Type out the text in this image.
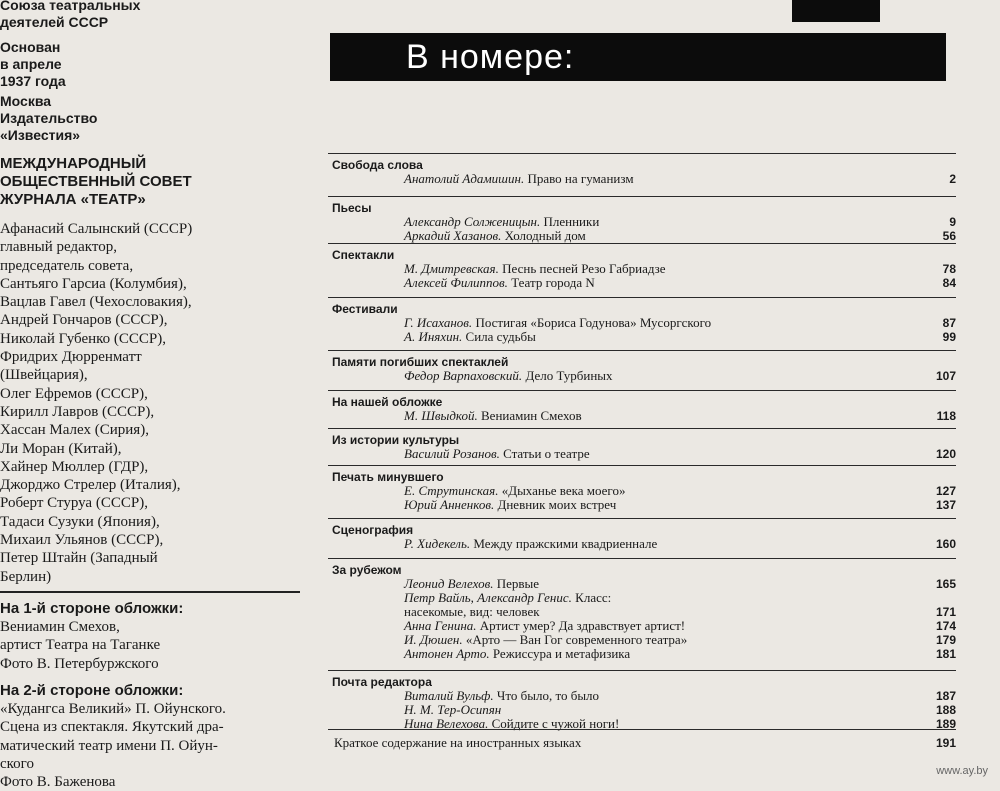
Союза театральных
деятелей СССР
Основан
в апреле
1937 года
Москва
Издательство
«Известия»
МЕЖДУНАРОДНЫЙ
ОБЩЕСТВЕННЫЙ СОВЕТ
ЖУРНАЛА «ТЕАТР»
Афанасий Салынский (СССР)
главный редактор,
председатель совета,
Сантьяго Гарсиа (Колумбия),
Вацлав Гавел (Чехословакия),
Андрей Гончаров (СССР),
Николай Губенко (СССР),
Фридрих Дюрренматт
(Швейцария),
Олег Ефремов (СССР),
Кирилл Лавров (СССР),
Хассан Малех (Сирия),
Ли Моран (Китай),
Хайнер Мюллер (ГДР),
Джорджо Стрелер (Италия),
Роберт Стуруа (СССР),
Тадаси Сузуки (Япония),
Михаил Ульянов (СССР),
Петер Штайн (Западный
Берлин)
На 1-й стороне обложки:
Вениамин Смехов,
артист Театра на Таганке
Фото В. Петербуржского
На 2-й стороне обложки:
«Кудангса Великий» П. Ойунского.
Сцена из спектакля. Якутский дра-
матический театр имени П. Ойун-
ского
Фото В. Баженова
В номере:
Свобода слова
Анатолий Адамишин. Право на гуманизм	2
Пьесы
Александр Солженицын. Пленники	9
Аркадий Хазанов. Холодный дом	56
Спектакли
М. Дмитревская. Песнь песней Резо Габриадзе	78
Алексей Филиппов. Театр города N	84
Фестивали
Г. Исаханов. Постигая «Бориса Годунова» Мусоргского	87
А. Иняхин. Сила судьбы	99
Памяти погибших спектаклей
Федор Варпаховский. Дело Турбиных	107
На нашей обложке
М. Швыдкой. Вениамин Смехов	118
Из истории культуры
Василий Розанов. Статьи о театре	120
Печать минувшего
Е. Струтинская. «Дыханье века моего»	127
Юрий Анненков. Дневник моих встреч	137
Сценография
Р. Хидекель. Между пражскими квадриеннале	160
За рубежом
Леонид Велехов. Первые	165
Петр Вайль, Александр Генис. Класс:
насекомые, вид: человек	171
Анна Генина. Артист умер? Да здравствует артист!	174
И. Дюшен. «Арто — Ван Гог современного театра»	179
Антонен Арто. Режиссура и метафизика	181
Почта редактора
Виталий Вульф. Что было, то было	187
Н. М. Тер-Осипян	188
Нина Велехова. Сойдите с чужой ноги!	189
Краткое содержание на иностранных языках	191
www.ay.by
